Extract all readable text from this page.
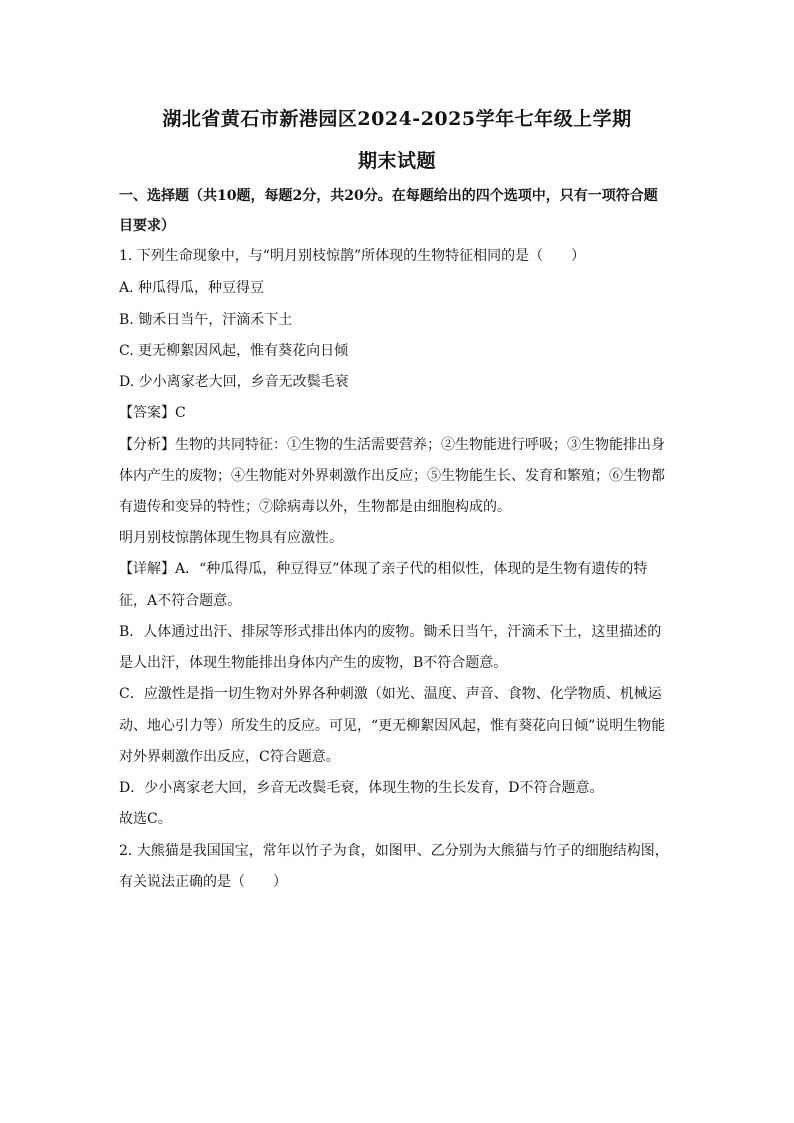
湖北省黄石市新港园区2024-2025学年七年级上学期
期末试题
一、选择题（共10题，每题2分，共20分。在每题给出的四个选项中，只有一项符合题
目要求）
1. 下列生命现象中，与“明月别枝惊鹊”所体现的生物特征相同的是（　　）
A. 种瓜得瓜，种豆得豆
B. 锄禾日当午，汗滴禾下土
C. 更无柳絮因风起，惟有葵花向日倾
D. 少小离家老大回，乡音无改鬓毛衰
【答案】C
【分析】生物的共同特征：①生物的生活需要营养；②生物能进行呼吸；③生物能排出身
体内产生的废物；④生物能对外界刺激作出反应；⑤生物能生长、发育和繁殖；⑥生物都
有遗传和变异的特性；⑦除病毒以外，生物都是由细胞构成的。
明月别枝惊鹊体现生物具有应激性。
【详解】A．“种瓜得瓜，种豆得豆”体现了亲子代的相似性，体现的是生物有遗传的特
征，A不符合题意。
B．人体通过出汗、排尿等形式排出体内的废物。锄禾日当午，汗滴禾下土，这里描述的
是人出汗，体现生物能排出身体内产生的废物，B不符合题意。
C．应激性是指一切生物对外界各种刺激（如光、温度、声音、食物、化学物质、机械运
动、地心引力等）所发生的反应。可见，“更无柳絮因风起，惟有葵花向日倾”说明生物能
对外界刺激作出反应，C符合题意。
D．少小离家老大回，乡音无改鬓毛衰，体现生物的生长发育，D不符合题意。
故选C。
2. 大熊猫是我国国宝，常年以竹子为食，如图甲、乙分别为大熊猫与竹子的细胞结构图，
有关说法正确的是（　　）
